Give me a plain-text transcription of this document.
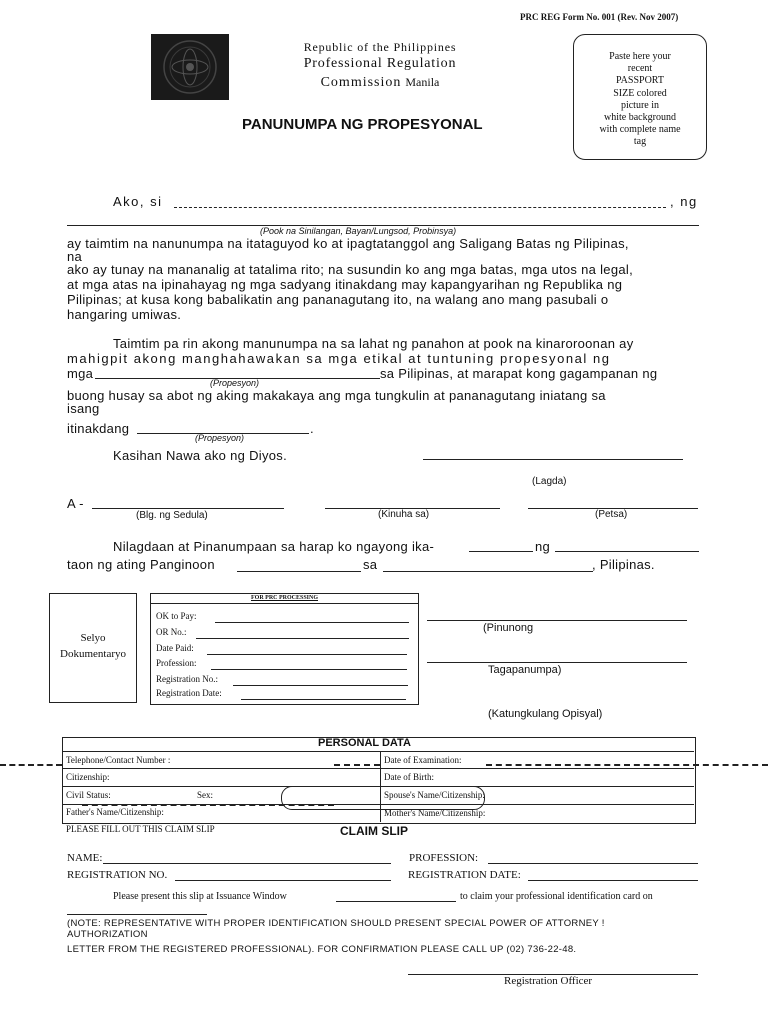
PRC REG Form No. 001 (Rev. Nov 2007)
Republic of the Philippines
Professional Regulation
Commission Manila
Paste here your
recent
PASSPORT
SIZE colored
picture in
white background
with complete name
tag
PANUNUMPA NG PROPESYONAL
Ako, si	, ng
(Pook na Sinilangan, Bayan/Lungsod, Probinsya)
ay taimtim na nanunumpa na itataguyod ko at ipagtatanggol ang Saligang Batas ng Pilipinas,
na
ako ay tunay na mananalig at tatalima rito; na susundin ko ang mga batas, mga utos na legal,
at mga atas na ipinahayag ng mga sadyang itinakdang may kapangyarihan ng Republika ng
Pilipinas; at kusa kong babalikatin ang pananagutang ito, na walang ano mang pasubali o
hangaring umiwas.
Taimtim pa rin akong manunumpa na sa lahat ng panahon at pook na kinaroroonan ay
mahigpit akong manghahawakan sa mga etikal at tuntuning propesyonal ng
mga	sa Pilipinas, at marapat kong gagampanan ng
(Propesyon)
buong husay sa abot ng aking makakaya ang mga tungkulin at pananagutang iniatang sa
isang
itinakdang	.
(Propesyon)
Kasihan Nawa ako ng Diyos.
(Lagda)
A -
(Blg. ng Sedula)	(Kinuha sa)	(Petsa)
Nilagdaan at Pinanumpaan sa harap ko ngayong ika-	ng
taon ng ating Panginoon	sa	, Pilipinas.
Selyo
Dokumentaryo
FOR PRC PROCESSING
OK to Pay:
OR No.:
Date Paid:
Profession:
Registration No.:
Registration Date:
(Pinunong
Tagapanumpa)
(Katungkulang Opisyal)
PERSONAL DATA
Telephone/Contact Number :	Date of Examination:
Citizenship:	Date of Birth:
Civil Status:	Sex:	Spouse's Name/Citizenship:
Father's Name/Citizenship:	Mother's Name/Citizenship:
PLEASE FILL OUT THIS CLAIM SLIP	CLAIM SLIP
NAME:	PROFESSION:
REGISTRATION NO.	REGISTRATION DATE:
Please present this slip at Issuance Window	to claim your professional identification card on
(NOTE: REPRESENTATIVE WITH PROPER IDENTIFICATION SHOULD PRESENT SPECIAL POWER OF ATTORNEY !
AUTHORIZATION
LETTER FROM THE REGISTERED PROFESSIONAL). FOR CONFIRMATION PLEASE CALL UP (02) 736-22-48.
Registration Officer
